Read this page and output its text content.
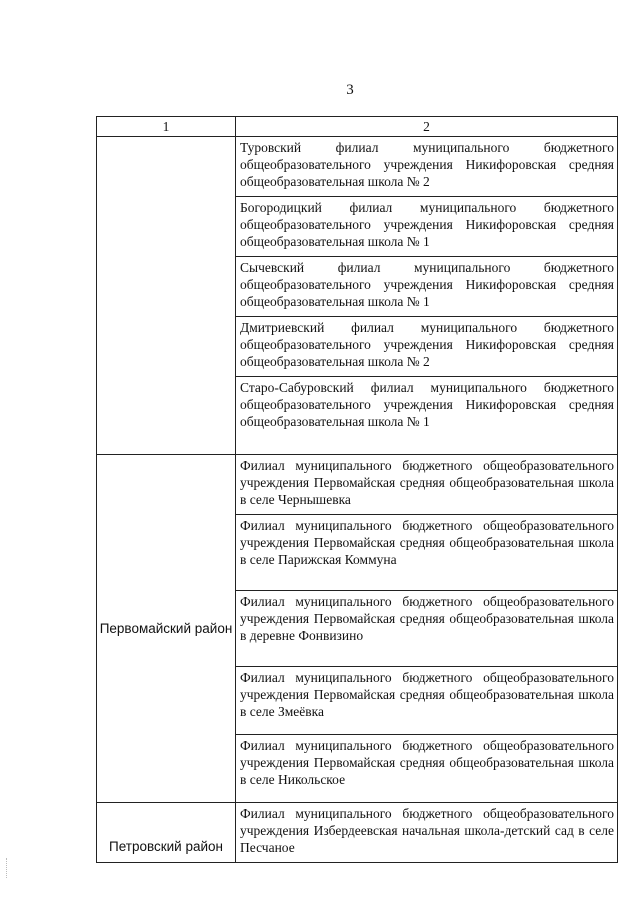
3
1	2

	Туровский филиал муниципального бюджетного общеобразовательного учреждения Никифоровская средняя общеобразовательная школа № 2

	Богородицкий филиал муниципального бюджетного общеобразовательного учреждения Никифоровская средняя общеобразовательная школа № 1

	Сычевский филиал муниципального бюджетного общеобразовательного учреждения Никифоровская средняя общеобразовательная школа № 1

	Дмитриевский филиал муниципального бюджетного общеобразовательного учреждения Никифоровская средняя общеобразовательная школа № 2

	Старо-Сабуровский филиал муниципального бюджетного общеобразовательного учреждения Никифоровская средняя общеобразовательная школа № 1

Первомайский район	Филиал муниципального бюджетного общеобразовательного учреждения Первомайская средняя общеобразовательная школа в селе Чернышевка

	Филиал муниципального бюджетного общеобразовательного учреждения Первомайская средняя общеобразовательная школа в селе Парижская Коммуна

	Филиал муниципального бюджетного общеобразовательного учреждения Первомайская средняя общеобразовательная школа в деревне Фонвизино

	Филиал муниципального бюджетного общеобразовательного учреждения Первомайская средняя общеобразовательная школа в селе Змеёвка

	Филиал муниципального бюджетного общеобразовательного учреждения Первомайская средняя общеобразовательная школа в селе Никольское

Петровский район	Филиал муниципального бюджетного общеобразовательного учреждения Избердеевская начальная школа-детский сад в селе Песчаное
